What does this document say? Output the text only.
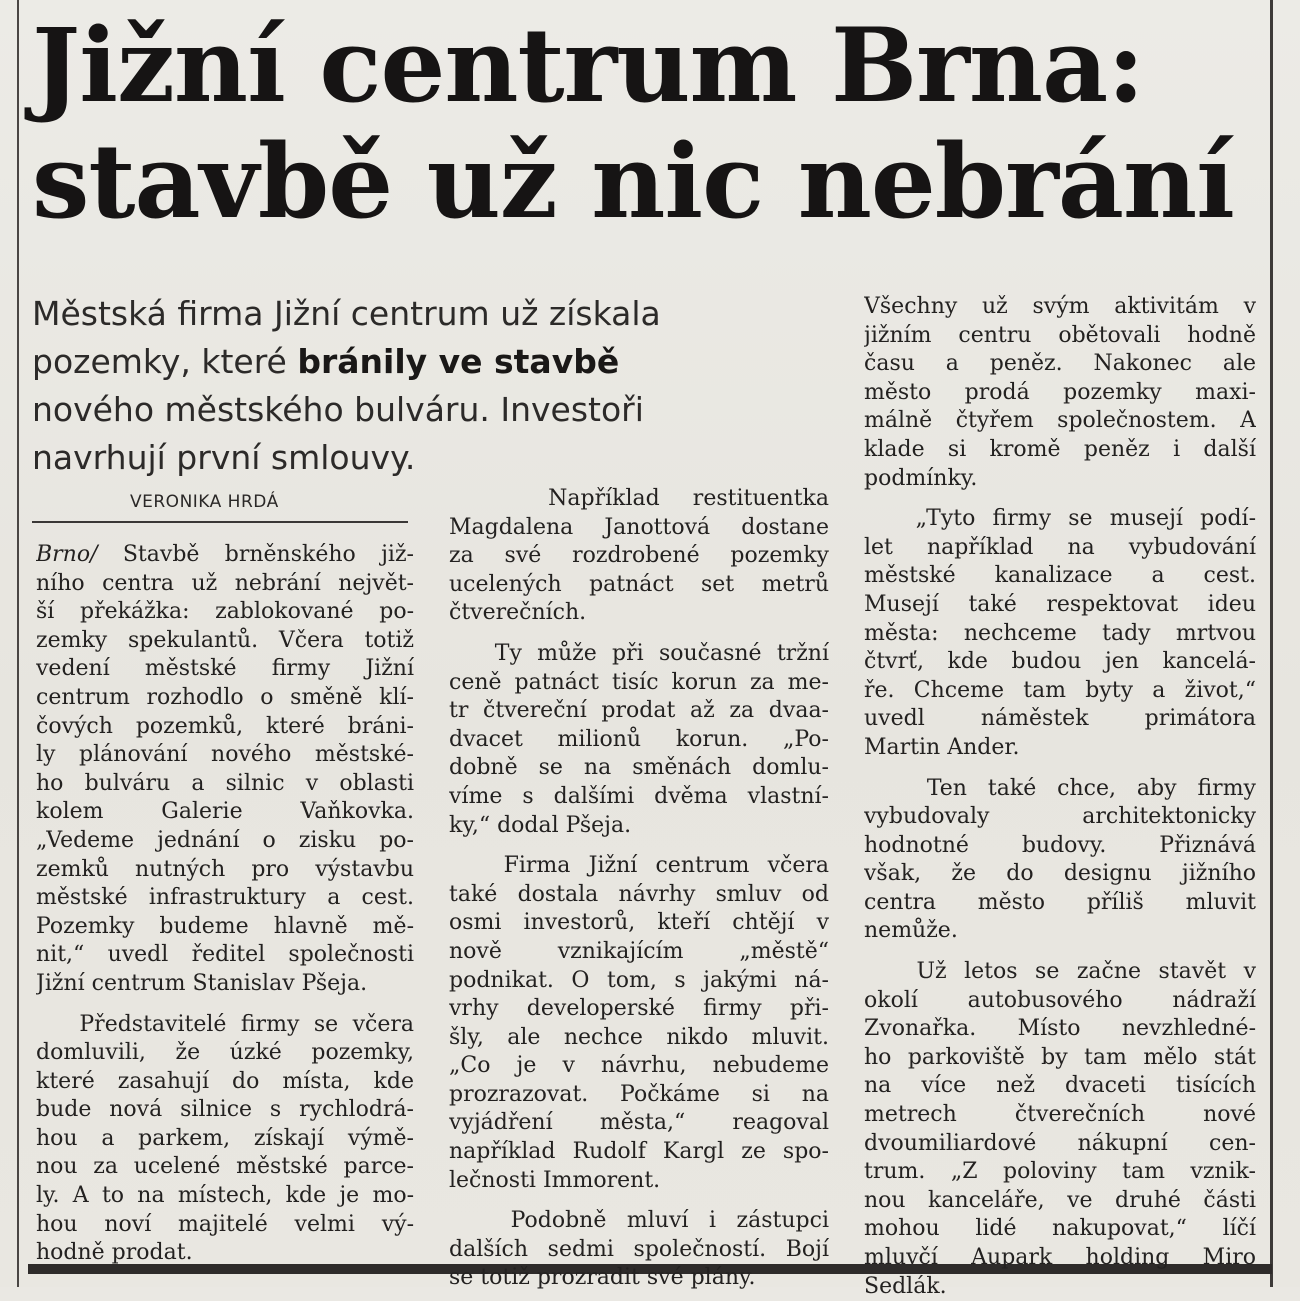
Jižní centrum Brna:
stavbě už nic nebrání
Městská firma Jižní centrum už získala
pozemky, které bránily ve stavbě
nového městského bulváru. Investoři
navrhují první smlouvy.
VERONIKA HRDÁ
Brno/ Stavbě brněnského již-
ního centra už nebrání největ-
ší překážka: zablokované po-
zemky spekulantů. Včera totiž
vedení městské firmy Jižní
centrum rozhodlo o směně klí-
čových pozemků, které bráni-
ly plánování nového městské-
ho bulváru a silnic v oblasti
kolem Galerie Vaňkovka.
„Vedeme jednání o zisku po-
zemků nutných pro výstavbu
městské infrastruktury a cest.
Pozemky budeme hlavně mě-
nit,“ uvedl ředitel společnosti
Jižní centrum Stanislav Pšeja.
Představitelé firmy se včera
domluvili, že úzké pozemky,
které zasahují do místa, kde
bude nová silnice s rychlodrá-
hou a parkem, získají výmě-
nou za ucelené městské parce-
ly. A to na místech, kde je mo-
hou noví majitelé velmi vý-
hodně prodat.
Například restituentka
Magdalena Janottová dostane
za své rozdrobené pozemky
ucelených patnáct set metrů
čtverečních.
Ty může při současné tržní
ceně patnáct tisíc korun za me-
tr čtvereční prodat až za dvaa-
dvacet milionů korun. „Po-
dobně se na směnách domlu-
víme s dalšími dvěma vlastní-
ky,“ dodal Pšeja.
Firma Jižní centrum včera
také dostala návrhy smluv od
osmi investorů, kteří chtějí v
nově vznikajícím „městě“
podnikat. O tom, s jakými ná-
vrhy developerské firmy při-
šly, ale nechce nikdo mluvit.
„Co je v návrhu, nebudeme
prozrazovat. Počkáme si na
vyjádření města,“ reagoval
například Rudolf Kargl ze spo-
lečnosti Immorent.
Podobně mluví i zástupci
dalších sedmi společností. Bojí
se totiž prozradit své plány.
Všechny už svým aktivitám v
jižním centru obětovali hodně
času a peněz. Nakonec ale
město prodá pozemky maxi-
málně čtyřem společnostem. A
klade si kromě peněz i další
podmínky.
„Tyto firmy se musejí podí-
let například na vybudování
městské kanalizace a cest.
Musejí také respektovat ideu
města: nechceme tady mrtvou
čtvrť, kde budou jen kancelá-
ře. Chceme tam byty a život,“
uvedl náměstek primátora
Martin Ander.
Ten také chce, aby firmy
vybudovaly architektonicky
hodnotné budovy. Přiznává
však, že do designu jižního
centra město příliš mluvit
nemůže.
Už letos se začne stavět v
okolí autobusového nádraží
Zvonařka. Místo nevzhledné-
ho parkoviště by tam mělo stát
na více než dvaceti tisících
metrech čtverečních nové
dvoumiliardové nákupní cen-
trum. „Z poloviny tam vznik-
nou kanceláře, ve druhé části
mohou lidé nakupovat,“ líčí
mluvčí Aupark holding Miro
Sedlák.
